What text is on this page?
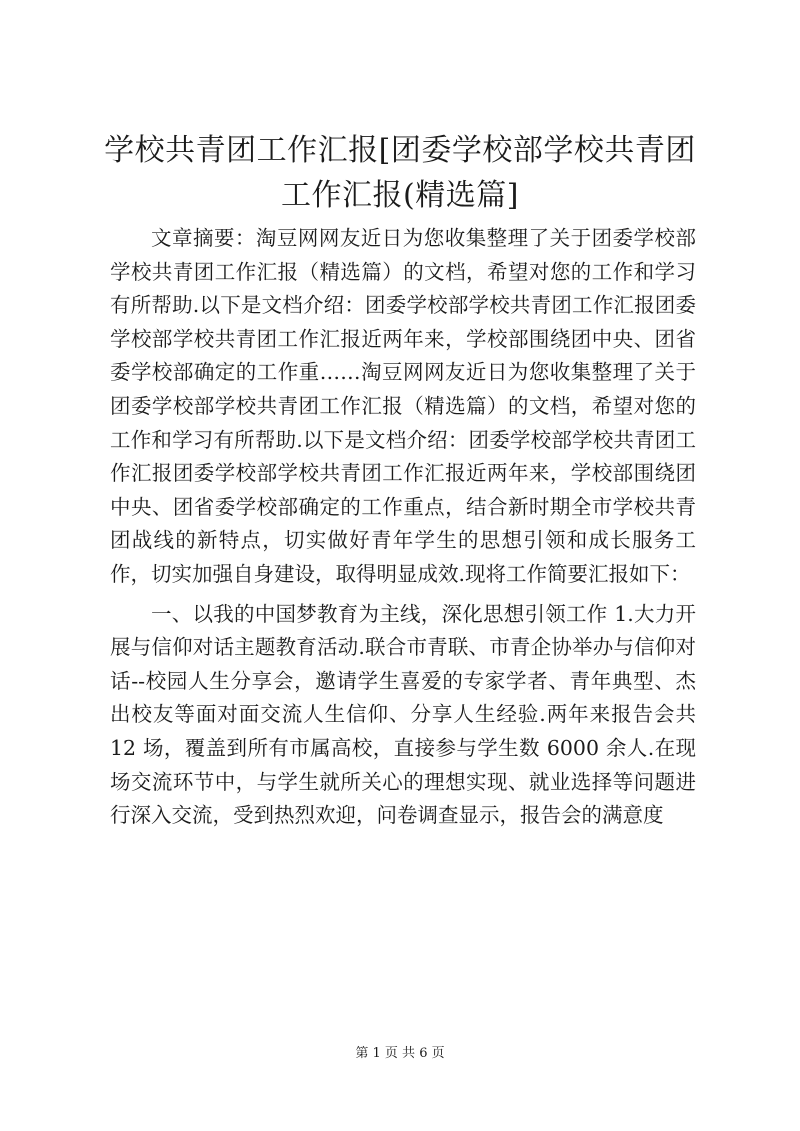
学校共青团工作汇报[团委学校部学校共青团工作汇报(精选篇]

文章摘要：淘豆网网友近日为您收集整理了关于团委学校部学校共青团工作汇报（精选篇）的文档，希望对您的工作和学习有所帮助.以下是文档介绍：团委学校部学校共青团工作汇报团委学校部学校共青团工作汇报近两年来，学校部围绕团中央、团省委学校部确定的工作重……淘豆网网友近日为您收集整理了关于团委学校部学校共青团工作汇报（精选篇）的文档，希望对您的工作和学习有所帮助.以下是文档介绍：团委学校部学校共青团工作汇报团委学校部学校共青团工作汇报近两年来，学校部围绕团中央、团省委学校部确定的工作重点，结合新时期全市学校共青团战线的新特点，切实做好青年学生的思想引领和成长服务工作，切实加强自身建设，取得明显成效.现将工作简要汇报如下：

一、以我的中国梦教育为主线，深化思想引领工作 1.大力开展与信仰对话主题教育活动.联合市青联、市青企协举办与信仰对话--校园人生分享会，邀请学生喜爱的专家学者、青年典型、杰出校友等面对面交流人生信仰、分享人生经验.两年来报告会共 12 场，覆盖到所有市属高校，直接参与学生数 6000 余人.在现场交流环节中，与学生就所关心的理想实现、就业选择等问题进行深入交流，受到热烈欢迎，问卷调查显示，报告会的满意度

第 1 页 共 6 页
